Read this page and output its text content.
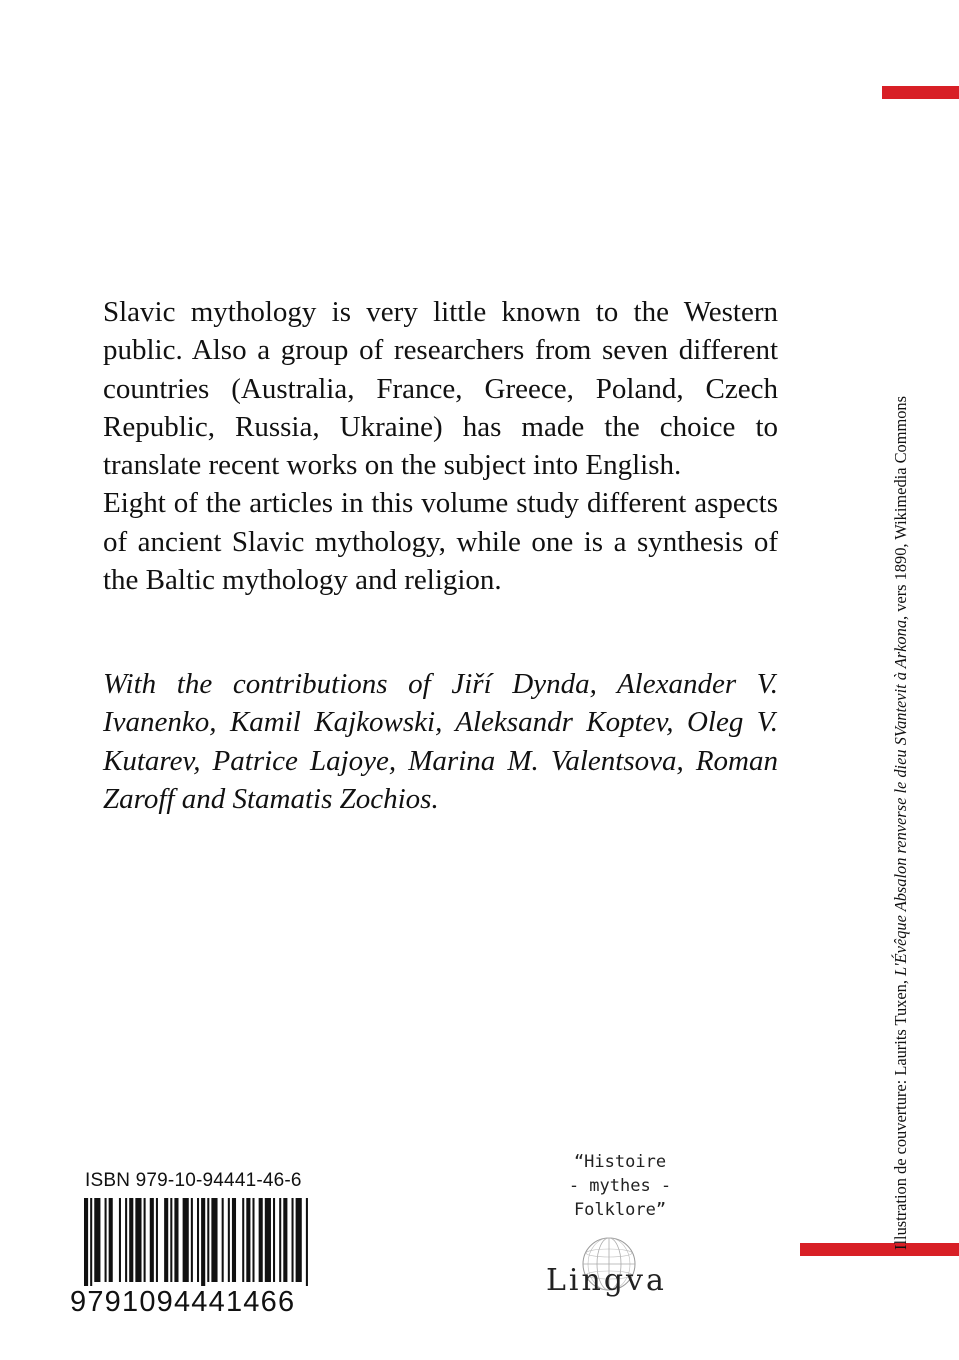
Illustration de couverture: Laurits Tuxen, L'Évêque Absalon renverse le dieu SVantevit à Arkona, vers 1890, Wikimedia Commons

Slavic mythology is very little known to the Western public. Also a group of researchers from seven different countries (Australia, France, Greece, Poland, Czech Republic, Russia, Ukraine) has made the choice to translate recent works on the subject into English.

Eight of the articles in this volume study different aspects of ancient Slavic mythology, while one is a synthesis of the Baltic mythology and religion.

With the contributions of Jiří Dynda, Alexander V. Ivanenko, Kamil Kajkowski, Aleksandr Koptev, Oleg V. Kutarev, Patrice Lajoye, Marina M. Valentsova, Roman Zaroff and Stamatis Zochios.

ISBN 979-10-94441-46-6
9791094441466
“Histoire
- mythes -
Folklore”
Lingva
